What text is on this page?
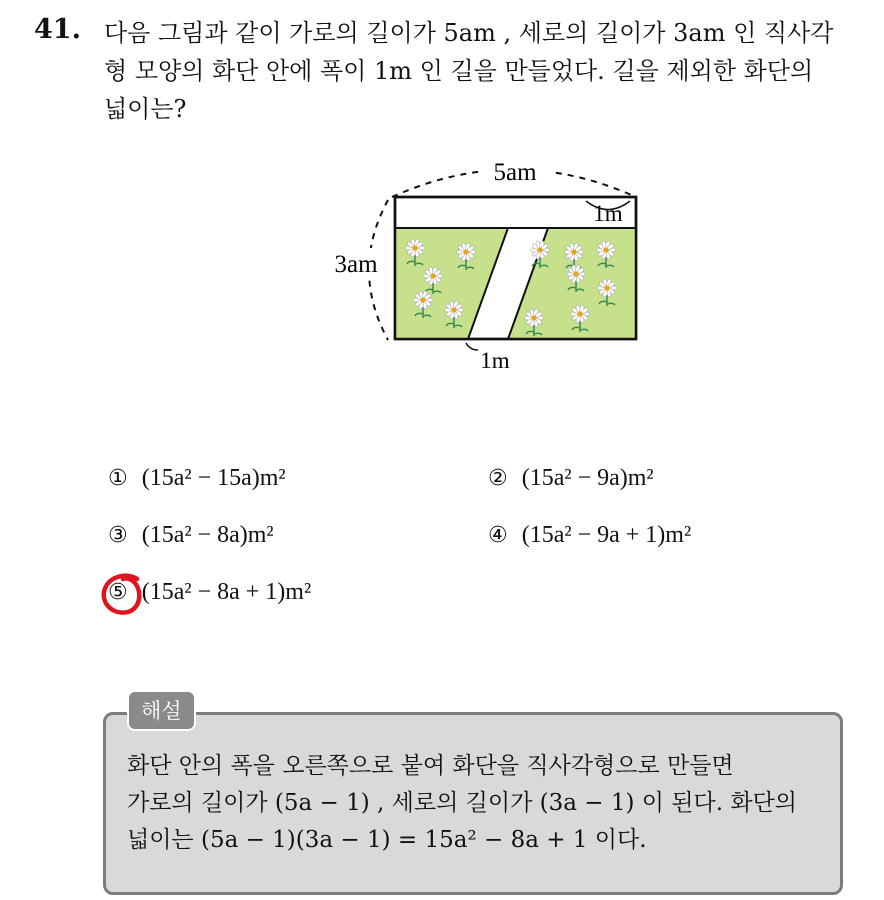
41. 다음 그림과 같이 가로의 길이가 5am , 세로의 길이가 3am 인 직사각
형 모양의 화단 안에 폭이 1m 인 길을 만들었다. 길을 제외한 화단의
넓이는?
5am
3am
1m
1m
① (15a² − 15a)m²	② (15a² − 9a)m²
③ (15a² − 8a)m²	④ (15a² − 9a + 1)m²
⑤ (15a² − 8a + 1)m²
해설
화단 안의 폭을 오른쪽으로 붙여 화단을 직사각형으로 만들면
가로의 길이가 (5a − 1) , 세로의 길이가 (3a − 1) 이 된다. 화단의
넓이는 (5a − 1)(3a − 1) = 15a² − 8a + 1 이다.
